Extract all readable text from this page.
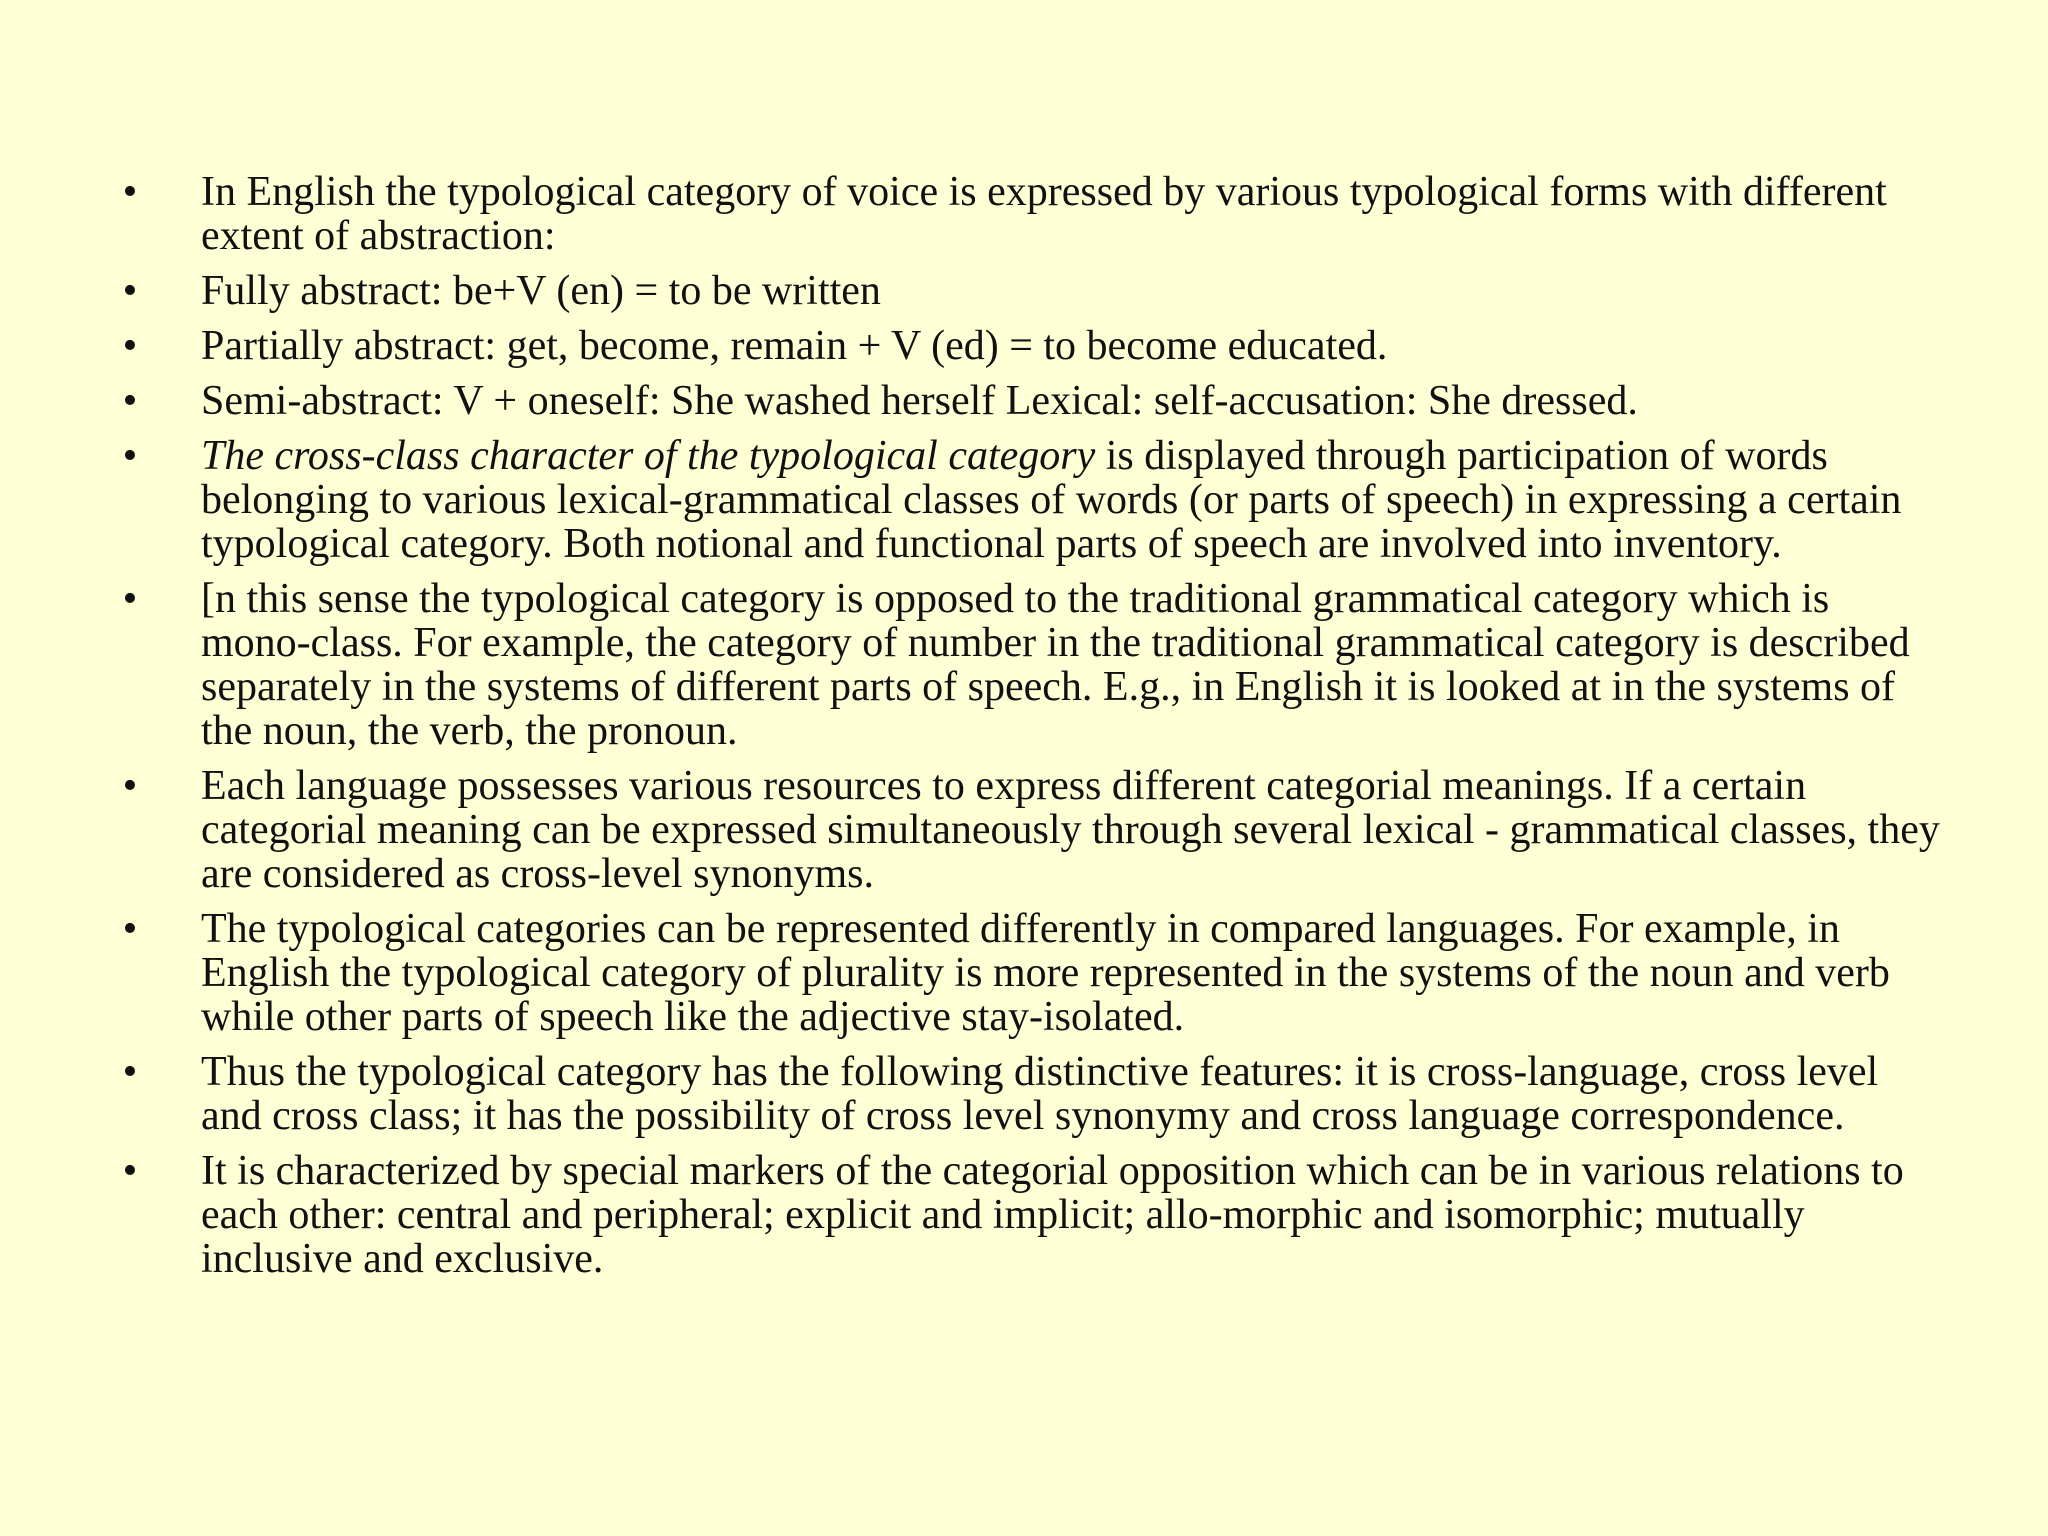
• In English the typological category of voice is expressed by various typological forms with different extent of abstraction:
• Fully abstract: be+V (en) = to be written
• Partially abstract: get, become, remain + V (ed) = to become educated.
• Semi-abstract: V + oneself: She washed herself Lexical: self-accusation: She dressed.
• The cross-class character of the typological category is displayed through participation of words belonging to various lexical-grammatical classes of words (or parts of speech) in expressing a certain typological category. Both notional and functional parts of speech are involved into inventory.
• [n this sense the typological category is opposed to the traditional grammatical category which is mono-class. For example, the category of number in the traditional grammatical category is described separately in the systems of different parts of speech. E.g., in English it is looked at in the systems of the noun, the verb, the pronoun.
• Each language possesses various resources to express different categorial meanings. If a certain categorial meaning can be expressed simultaneously through several lexical - grammatical classes, they are considered as cross-level synonyms.
• The typological categories can be represented differently in compared languages. For example, in English the typological category of plurality is more represented in the systems of the noun and verb while other parts of speech like the adjective stay-isolated.
• Thus the typological category has the following distinctive features: it is cross-language, cross level and cross class; it has the possibility of cross level synonymy and cross language correspondence.
• It is characterized by special markers of the categorial opposition which can be in various relations to each other: central and peripheral; explicit and implicit; allo-morphic and isomorphic; mutually inclusive and exclusive.
